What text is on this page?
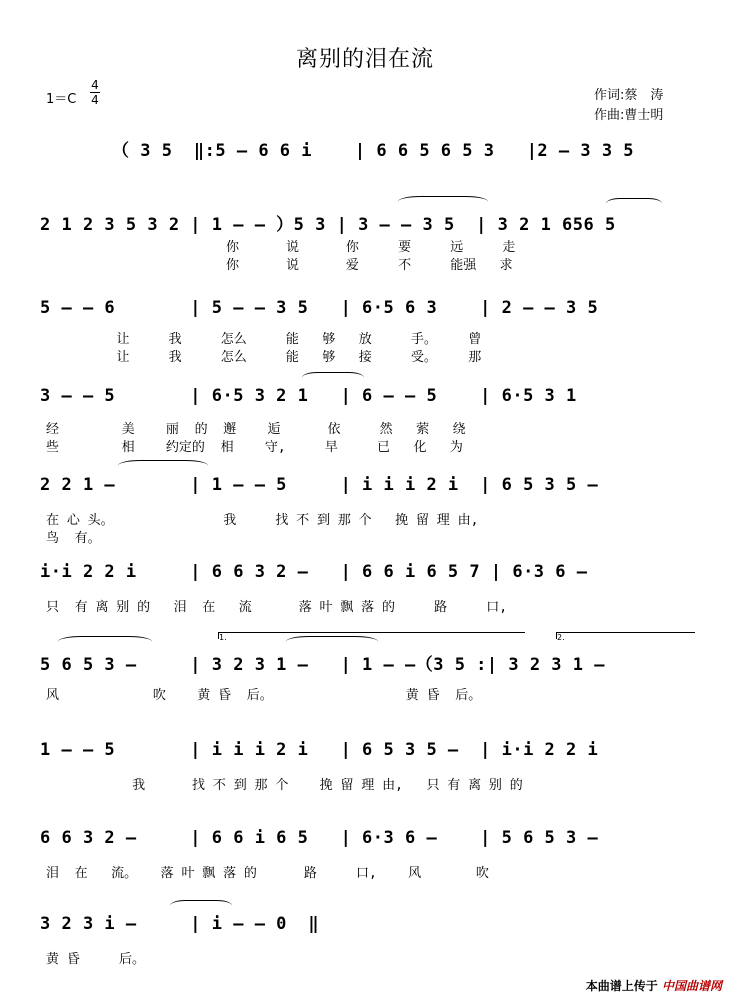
离别的泪在流
1＝C
4
4	作词:蔡　涛
作曲:曹士明
（ 3 5  ‖:5 – 6 6 i    | 6 6 5 6 5 3   |2 – 3 3 5
2 1 2 3 5 3 2 | 1 – – ）5 3 | 3 – – 3 5  | 3 2 1 656 5
你      说      你     要     远     走
你      说      爱     不     能强   求
5 – – 6       | 5 – – 3 5   | 6·5 6 3    | 2 – – 3 5
让     我     怎么     能   够   放     手。    曾
让     我     怎么     能   够   接     受。    那
3 – – 5       | 6·5 3 2 1   | 6 – – 5    | 6·5 3 1
经        美    丽  的  邂    逅      依     然   萦   绕
些        相    约定的  相    守,     早     已   化   为
2 2 1 –       | 1 – – 5     | i i i 2 i  | 6 5 3 5 –
在 心 头。              我     找 不 到 那 个   挽 留 理 由,
鸟  有。
i·i 2 2 i     | 6 6 3 2 –   | 6 6 i 6 5 7 | 6·3 6 –
只  有 离 别 的   泪  在   流      落 叶 飘 落 的     路     口,
5 6 5 3 –     | 3 2 3 1 –   | 1 – –（3 5 :| 3 2 3 1 –
风            吹    黄 昏  后。                 黄 昏  后。
1 – – 5       | i i i 2 i   | 6 5 3 5 –  | i·i 2 2 i
我      找 不 到 那 个    挽 留 理 由,   只 有 离 别 的
6 6 3 2 –     | 6 6 i 6 5   | 6·3 6 –    | 5 6 5 3 –
泪  在   流。   落 叶 飘 落 的      路     口,    风       吹
3 2 3 i –     | i – – 0  ‖
黄 昏     后。
1.	2.
本曲谱上传于 中国曲谱网
